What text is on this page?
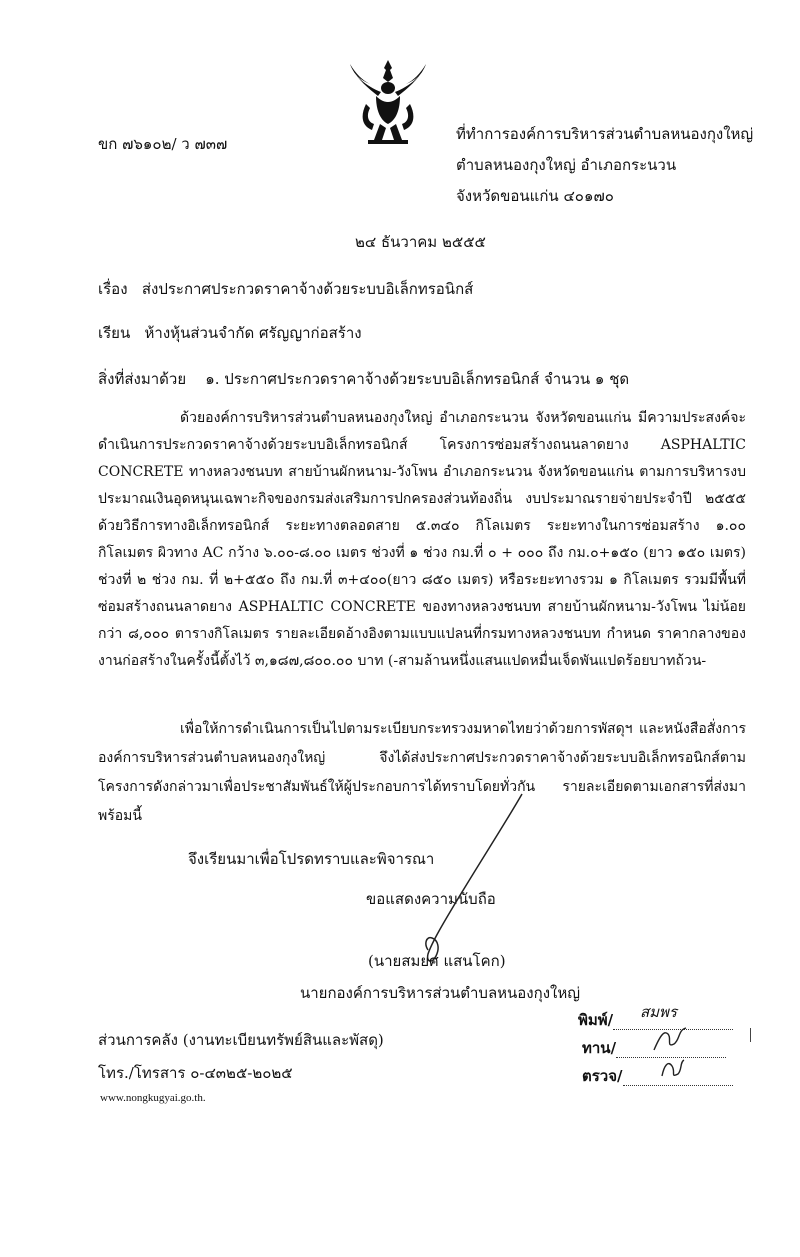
ขก ๗๖๑๐๒/ ว ๗๓๗
ที่ทำการองค์การบริหารส่วนตำบลหนองกุงใหญ่
ตำบลหนองกุงใหญ่ อำเภอกระนวน
จังหวัดขอนแก่น ๔๐๑๗๐
๒๔ ธันวาคม ๒๕๕๕
เรื่อง ส่งประกาศประกวดราคาจ้างด้วยระบบอิเล็กทรอนิกส์
เรียน ห้างหุ้นส่วนจำกัด ศรัญญาก่อสร้าง
สิ่งที่ส่งมาด้วย ๑. ประกาศประกวดราคาจ้างด้วยระบบอิเล็กทรอนิกส์ จำนวน ๑ ชุด
ด้วยองค์การบริหารส่วนตำบลหนองกุงใหญ่ อำเภอกระนวน จังหวัดขอนแก่น มีความประสงค์จะดำเนินการประกวดราคาจ้างด้วยระบบอิเล็กทรอนิกส์ โครงการซ่อมสร้างถนนลาดยาง ASPHALTIC CONCRETE ทางหลวงชนบท สายบ้านผักหนาม-วังโพน อำเภอกระนวน จังหวัดขอนแก่น ตามการบริหารงบประมาณเงินอุดหนุนเฉพาะกิจของกรมส่งเสริมการปกครองส่วนท้องถิ่น งบประมาณรายจ่ายประจำปี ๒๕๕๕ ด้วยวิธีการทางอิเล็กทรอนิกส์ ระยะทางตลอดสาย ๕.๓๔๐ กิโลเมตร ระยะทางในการซ่อมสร้าง ๑.๐๐ กิโลเมตร ผิวทาง AC กว้าง ๖.๐๐-๘.๐๐ เมตร ช่วงที่ ๑ ช่วง กม.ที่ ๐ + ๐๐๐ ถึง กม.๐+๑๕๐ (ยาว ๑๕๐ เมตร) ช่วงที่ ๒ ช่วง กม. ที่ ๒+๕๕๐ ถึง กม.ที่ ๓+๔๐๐(ยาว ๘๕๐ เมตร) หรือระยะทางรวม ๑ กิโลเมตร รวมมีพื้นที่ซ่อมสร้างถนนลาดยาง ASPHALTIC CONCRETE ของทางหลวงชนบท สายบ้านผักหนาม-วังโพน ไม่น้อยกว่า ๘,๐๐๐ ตารางกิโลเมตร รายละเอียดอ้างอิงตามแบบแปลนที่กรมทางหลวงชนบท กำหนด ราคากลางของงานก่อสร้างในครั้งนี้ตั้งไว้ ๓,๑๘๗,๘๐๐.๐๐ บาท (-สามล้านหนึ่งแสนแปดหมื่นเจ็ดพันแปดร้อยบาทถ้วน-
เพื่อให้การดำเนินการเป็นไปตามระเบียบกระทรวงมหาดไทยว่าด้วยการพัสดุฯ และหนังสือสั่งการองค์การบริหารส่วนตำบลหนองกุงใหญ่ จึงได้ส่งประกาศประกวดราคาจ้างด้วยระบบอิเล็กทรอนิกส์ตามโครงการดังกล่าวมาเพื่อประชาสัมพันธ์ให้ผู้ประกอบการได้ทราบโดยทั่วกัน รายละเอียดตามเอกสารที่ส่งมาพร้อมนี้
จึงเรียนมาเพื่อโปรดทราบและพิจารณา
ขอแสดงความนับถือ
(นายสมยศ แสนโคก)
นายกองค์การบริหารส่วนตำบลหนองกุงใหญ่
ส่วนการคลัง (งานทะเบียนทรัพย์สินและพัสดุ)
โทร./โทรสาร ๐-๔๓๒๕-๒๐๒๕
www.nongkugyai.go.th.
พิมพ์/	สมพร
ทาน/
ตรวจ/
